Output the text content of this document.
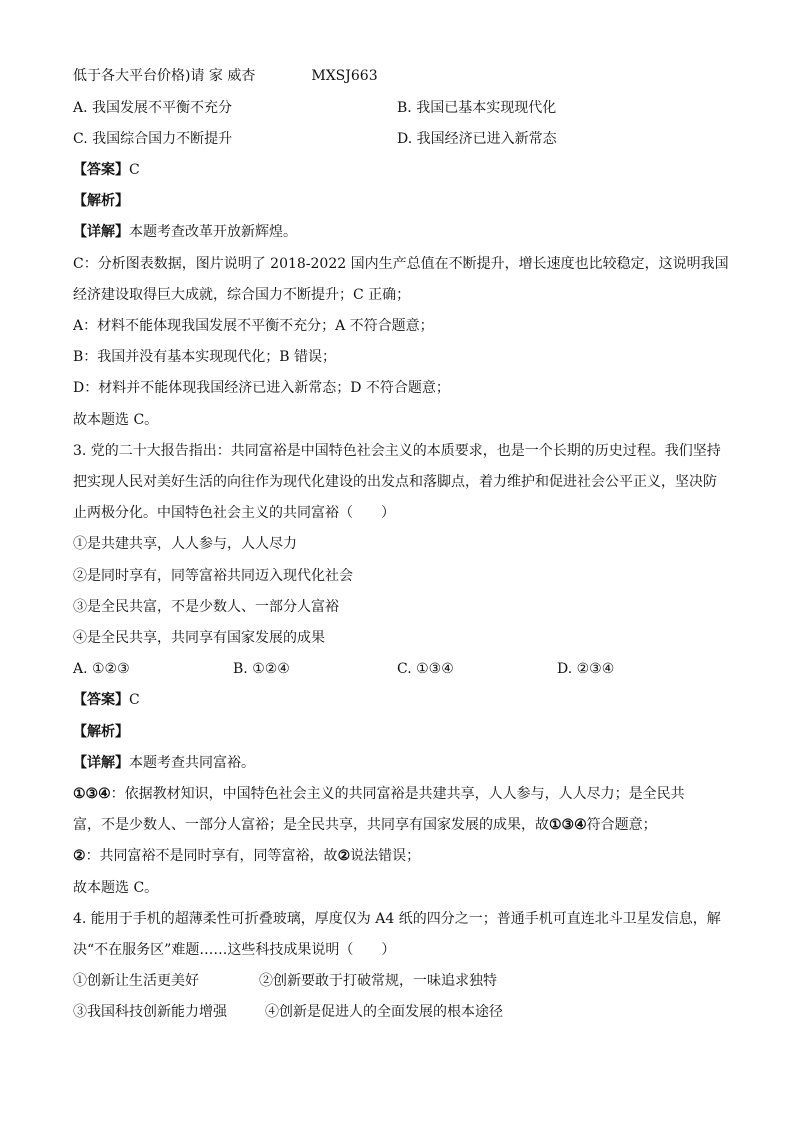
低于各大平台价格)请 家 威杏	MXSJ663
A. 我国发展不平衡不充分	B. 我国已基本实现现代化
C. 我国综合国力不断提升	D. 我国经济已进入新常态
【答案】C
【解析】
【详解】本题考查改革开放新辉煌。
C：分析图表数据，图片说明了 2018-2022 国内生产总值在不断提升，增长速度也比较稳定，这说明我国
经济建设取得巨大成就，综合国力不断提升；C 正确；
A：材料不能体现我国发展不平衡不充分；A 不符合题意；
B：我国并没有基本实现现代化；B 错误；
D：材料并不能体现我国经济已进入新常态；D 不符合题意；
故本题选 C。
3. 党的二十大报告指出：共同富裕是中国特色社会主义的本质要求，也是一个长期的历史过程。我们坚持
把实现人民对美好生活的向往作为现代化建设的出发点和落脚点，着力维护和促进社会公平正义，坚决防
止两极分化。中国特色社会主义的共同富裕（　　）
①是共建共享，人人参与，人人尽力
②是同时享有，同等富裕共同迈入现代化社会
③是全民共富，不是少数人、一部分人富裕
④是全民共享，共同享有国家发展的成果
A. ①②③	B. ①②④	C. ①③④	D. ②③④
【答案】C
【解析】
【详解】本题考查共同富裕。
①③④：依据教材知识，中国特色社会主义的共同富裕是共建共享，人人参与，人人尽力；是全民共
富，不是少数人、一部分人富裕；是全民共享，共同享有国家发展的成果，故①③④符合题意；
②：共同富裕不是同时享有，同等富裕，故②说法错误；
故本题选 C。
4. 能用于手机的超薄柔性可折叠玻璃，厚度仅为 A4 纸的四分之一；普通手机可直连北斗卫星发信息，解
决“不在服务区”难题……这些科技成果说明（　　）
①创新让生活更美好	②创新要敢于打破常规，一味追求独特
③我国科技创新能力增强	④创新是促进人的全面发展的根本途径
